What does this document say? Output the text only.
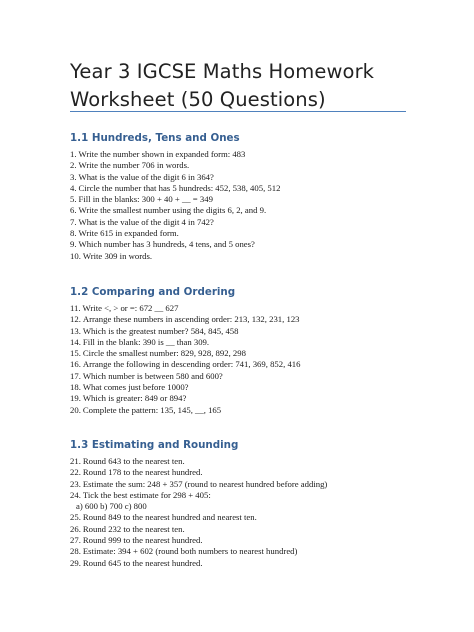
Year 3 IGCSE Maths Homework Worksheet (50 Questions)
1.1 Hundreds, Tens and Ones
1. Write the number shown in expanded form: 483
2. Write the number 706 in words.
3. What is the value of the digit 6 in 364?
4. Circle the number that has 5 hundreds: 452, 538, 405, 512
5. Fill in the blanks: 300 + 40 + __ = 349
6. Write the smallest number using the digits 6, 2, and 9.
7. What is the value of the digit 4 in 742?
8. Write 615 in expanded form.
9. Which number has 3 hundreds, 4 tens, and 5 ones?
10. Write 309 in words.
1.2 Comparing and Ordering
11. Write <, > or =: 672 __ 627
12. Arrange these numbers in ascending order: 213, 132, 231, 123
13. Which is the greatest number? 584, 845, 458
14. Fill in the blank: 390 is __ than 309.
15. Circle the smallest number: 829, 928, 892, 298
16. Arrange the following in descending order: 741, 369, 852, 416
17. Which number is between 580 and 600?
18. What comes just before 1000?
19. Which is greater: 849 or 894?
20. Complete the pattern: 135, 145, __, 165
1.3 Estimating and Rounding
21. Round 643 to the nearest ten.
22. Round 178 to the nearest hundred.
23. Estimate the sum: 248 + 357 (round to nearest hundred before adding)
24. Tick the best estimate for 298 + 405:
a) 600 b) 700 c) 800
25. Round 849 to the nearest hundred and nearest ten.
26. Round 232 to the nearest ten.
27. Round 999 to the nearest hundred.
28. Estimate: 394 + 602 (round both numbers to nearest hundred)
29. Round 645 to the nearest hundred.
